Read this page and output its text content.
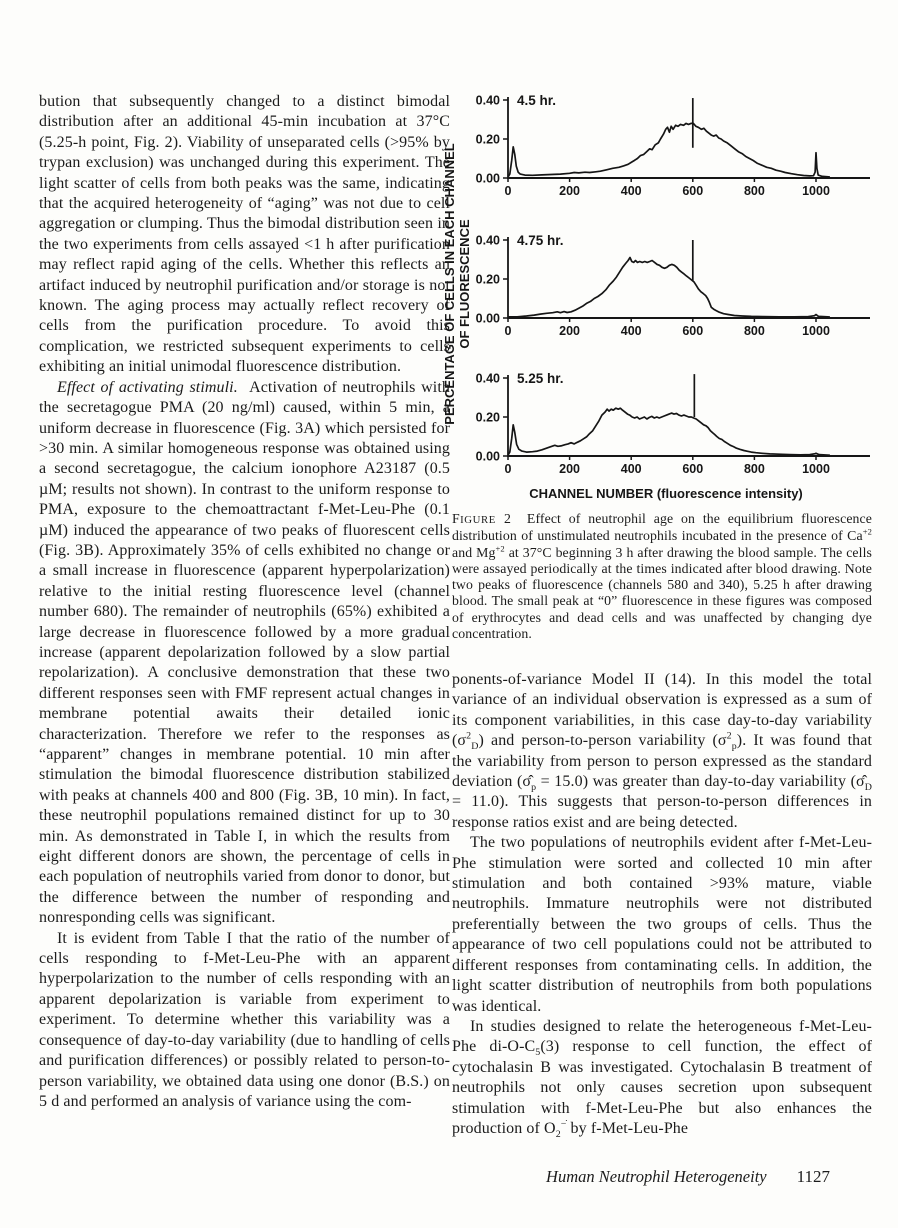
bution that subsequently changed to a distinct bimodal distribution after an additional 45-min incubation at 37°C (5.25-h point, Fig. 2). Viability of unseparated cells (>95% by trypan exclusion) was unchanged during this experiment. The light scatter of cells from both peaks was the same, indicating that the acquired heterogeneity of “aging” was not due to cell aggregation or clumping. Thus the bimodal distribution seen in the two experiments from cells assayed <1 h after purification may reflect rapid aging of the cells. Whether this reflects an artifact induced by neutrophil purification and/or storage is not known. The aging process may actually reflect recovery of cells from the purification procedure. To avoid this complication, we restricted subsequent experiments to cells exhibiting an initial unimodal fluorescence distribution.

Effect of activating stimuli.  Activation of neutrophils with the secretagogue PMA (20 ng/ml) caused, within 5 min, a uniform decrease in fluorescence (Fig. 3A) which persisted for >30 min. A similar homogeneous response was obtained using a second secretagogue, the calcium ionophore A23187 (0.5 µM; results not shown). In contrast to the uniform response to PMA, exposure to the chemoattractant f-Met-Leu-Phe (0.1 µM) induced the appearance of two peaks of fluorescent cells (Fig. 3B). Approximately 35% of cells exhibited no change or a small increase in fluorescence (apparent hyperpolarization) relative to the initial resting fluorescence level (channel number 680). The remainder of neutrophils (65%) exhibited a large decrease in fluorescence followed by a more gradual increase (apparent depolarization followed by a slow partial repolarization). A conclusive demonstration that these two different responses seen with FMF represent actual changes in membrane potential awaits their detailed ionic characterization. Therefore we refer to the responses as “apparent” changes in membrane potential. 10 min after stimulation the bimodal fluorescence distribution stabilized with peaks at channels 400 and 800 (Fig. 3B, 10 min). In fact, these neutrophil populations remained distinct for up to 30 min. As demonstrated in Table I, in which the results from eight different donors are shown, the percentage of cells in each population of neutrophils varied from donor to donor, but the difference between the number of responding and nonresponding cells was significant.

It is evident from Table I that the ratio of the number of cells responding to f-Met-Leu-Phe with an apparent hyperpolarization to the number of cells responding with an apparent depolarization is variable from experiment to experiment. To determine whether this variability was a consequence of day-to-day variability (due to handling of cells and purification differences) or possibly related to person-to-person variability, we obtained data using one donor (B.S.) on 5 d and performed an analysis of variance using the com-

PERCENTAGE OF CELLS IN EACH CHANNEL OF FLUORESCENCE
0.40
0.20
0.00
0	200	400	600	800	1000
4.5 hr.
0.40
0.20
0.00
0	200	400	600	800	1000
4.75 hr.
0.40
0.20
0.00
0	200	400	600	800	1000
5.25 hr.
CHANNEL NUMBER (fluorescence intensity)
FIGURE 2  Effect of neutrophil age on the equilibrium fluorescence distribution of unstimulated neutrophils incubated in the presence of $Ca^{+2}$ and $Mg^{+2}$ at 37°C beginning 3 h after drawing the blood sample. The cells were assayed periodically at the times indicated after blood drawing. Note two peaks of fluorescence (channels 580 and 340), 5.25 h after drawing blood. The small peak at “0” fluorescence in these figures was composed of erythrocytes and dead cells and was unaffected by changing dye concentration.

ponents-of-variance Model II (14). In this model the total variance of an individual observation is expressed as a sum of its component variabilities, in this case day-to-day variability $(\sigma^2_D)$ and person-to-person variability $(\sigma^2_p)$. It was found that the variability from person to person expressed as the standard deviation $(\sigmâ_p = 15.0)$ was greater than day-to-day variability $(\sigmâ_D = 11.0)$. This suggests that person-to-person differences in response ratios exist and are being detected.

The two populations of neutrophils evident after f-Met-Leu-Phe stimulation were sorted and collected 10 min after stimulation and both contained >93% mature, viable neutrophils. Immature neutrophils were not distributed preferentially between the two groups of cells. Thus the appearance of two cell populations could not be attributed to different responses from contaminating cells. In addition, the light scatter distribution of neutrophils from both populations was identical.

In studies designed to relate the heterogeneous f-Met-Leu-Phe $di-O-C_5(3)$ response to cell function, the effect of cytochalasin B was investigated. Cytochalasin B treatment of neutrophils not only causes secretion upon subsequent stimulation with f-Met-Leu-Phe but also enhances the production of $O_2^{-̇}$ by f-Met-Leu-Phe

Human Neutrophil Heterogeneity 1127
